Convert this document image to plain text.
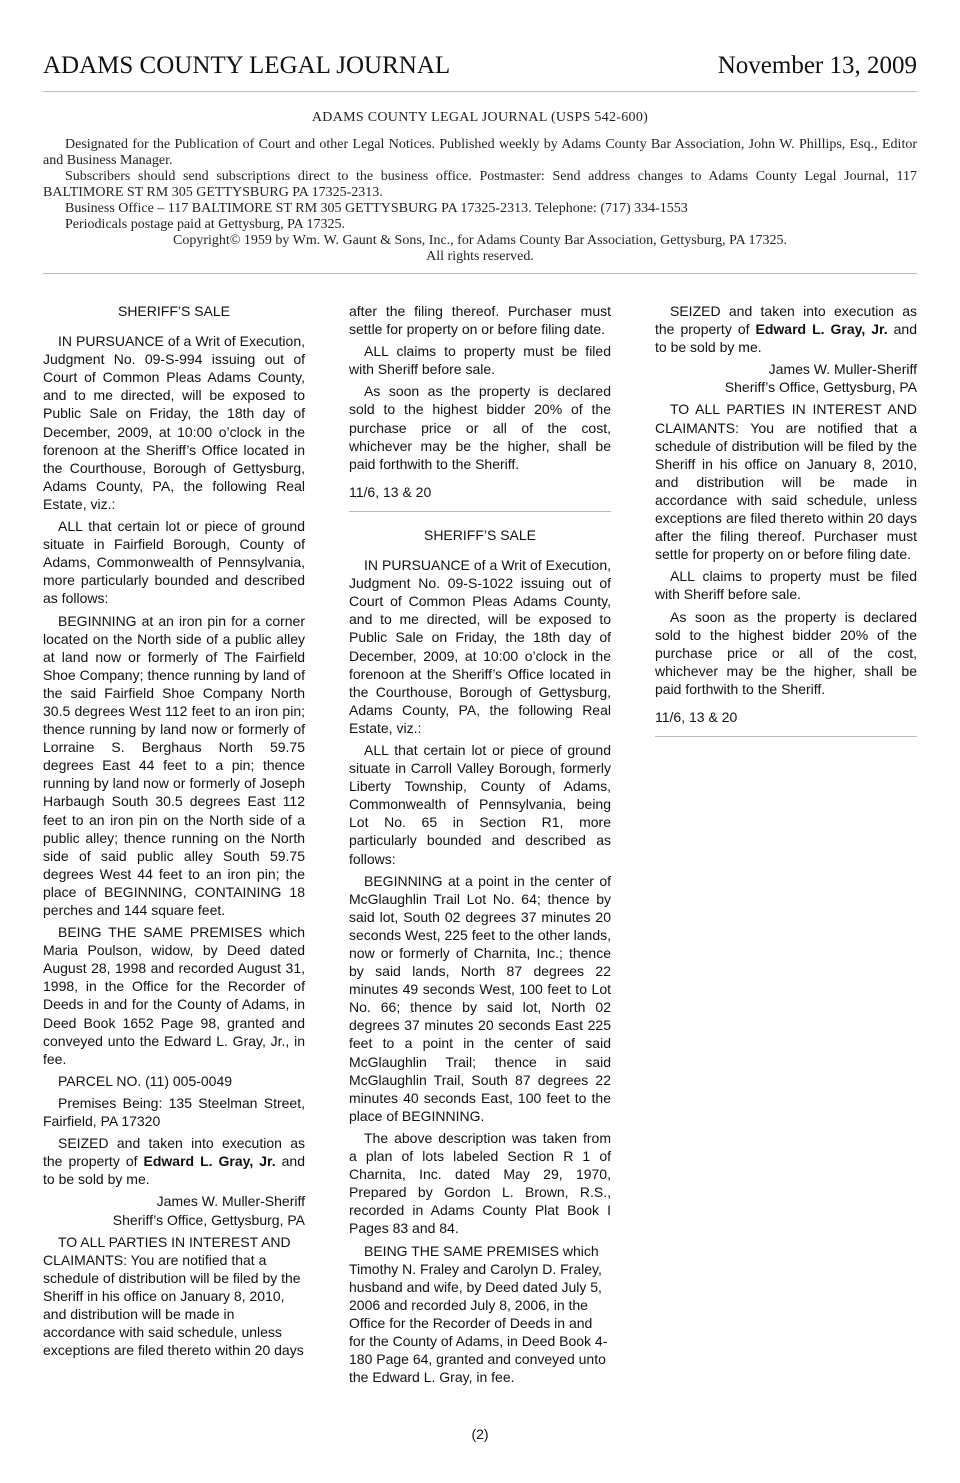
ADAMS COUNTY LEGAL JOURNAL	November 13, 2009
ADAMS COUNTY LEGAL JOURNAL (USPS 542-600)

Designated for the Publication of Court and other Legal Notices. Published weekly by Adams County Bar Association, John W. Phillips, Esq., Editor and Business Manager.

Subscribers should send subscriptions direct to the business office. Postmaster: Send address changes to Adams County Legal Journal, 117 BALTIMORE ST RM 305 GETTYSBURG PA 17325-2313.

Business Office – 117 BALTIMORE ST RM 305 GETTYSBURG PA 17325-2313. Telephone: (717) 334-1553

Periodicals postage paid at Gettysburg, PA 17325.

Copyright© 1959 by Wm. W. Gaunt & Sons, Inc., for Adams County Bar Association, Gettysburg, PA 17325.

All rights reserved.

SHERIFF’S SALE

IN PURSUANCE of a Writ of Execution, Judgment No. 09-S-994 issuing out of Court of Common Pleas Adams County, and to me directed, will be exposed to Public Sale on Friday, the 18th day of December, 2009, at 10:00 o’clock in the forenoon at the Sheriff’s Office located in the Courthouse, Borough of Gettysburg, Adams County, PA, the following Real Estate, viz.:

ALL that certain lot or piece of ground situate in Fairfield Borough, County of Adams, Commonwealth of Pennsylvania, more particularly bounded and described as follows:

BEGINNING at an iron pin for a corner located on the North side of a public alley at land now or formerly of The Fairfield Shoe Company; thence running by land of the said Fairfield Shoe Company North 30.5 degrees West 112 feet to an iron pin; thence running by land now or formerly of Lorraine S. Berghaus North 59.75 degrees East 44 feet to a pin; thence running by land now or formerly of Joseph Harbaugh South 30.5 degrees East 112 feet to an iron pin on the North side of a public alley; thence running on the North side of said public alley South 59.75 degrees West 44 feet to an iron pin; the place of BEGINNING, CONTAINING 18 perches and 144 square feet.

BEING THE SAME PREMISES which Maria Poulson, widow, by Deed dated August 28, 1998 and recorded August 31, 1998, in the Office for the Recorder of Deeds in and for the County of Adams, in Deed Book 1652 Page 98, granted and conveyed unto the Edward L. Gray, Jr., in fee.

PARCEL NO. (11) 005-0049

Premises Being: 135 Steelman Street, Fairfield, PA 17320

SEIZED and taken into execution as the property of Edward L. Gray, Jr. and to be sold by me.

James W. Muller-Sheriff

Sheriff’s Office, Gettysburg, PA

TO ALL PARTIES IN INTEREST AND CLAIMANTS: You are notified that a schedule of distribution will be filed by the Sheriff in his office on January 8, 2010, and distribution will be made in accordance with said schedule, unless exceptions are filed thereto within 20 days

after the filing thereof. Purchaser must settle for property on or before filing date.

ALL claims to property must be filed with Sheriff before sale.

As soon as the property is declared sold to the highest bidder 20% of the purchase price or all of the cost, whichever may be the higher, shall be paid forthwith to the Sheriff.

11/6, 13 & 20

SHERIFF’S SALE

IN PURSUANCE of a Writ of Execution, Judgment No. 09-S-1022 issuing out of Court of Common Pleas Adams County, and to me directed, will be exposed to Public Sale on Friday, the 18th day of December, 2009, at 10:00 o’clock in the forenoon at the Sheriff’s Office located in the Courthouse, Borough of Gettysburg, Adams County, PA, the following Real Estate, viz.:

ALL that certain lot or piece of ground situate in Carroll Valley Borough, formerly Liberty Township, County of Adams, Commonwealth of Pennsylvania, being Lot No. 65 in Section R1, more particularly bounded and described as follows:

BEGINNING at a point in the center of McGlaughlin Trail Lot No. 64; thence by said lot, South 02 degrees 37 minutes 20 seconds West, 225 feet to the other lands, now or formerly of Charnita, Inc.; thence by said lands, North 87 degrees 22 minutes 49 seconds West, 100 feet to Lot No. 66; thence by said lot, North 02 degrees 37 minutes 20 seconds East 225 feet to a point in the center of said McGlaughlin Trail; thence in said McGlaughlin Trail, South 87 degrees 22 minutes 40 seconds East, 100 feet to the place of BEGINNING.

The above description was taken from a plan of lots labeled Section R 1 of Charnita, Inc. dated May 29, 1970, Prepared by Gordon L. Brown, R.S., recorded in Adams County Plat Book I Pages 83 and 84.

BEING THE SAME PREMISES which Timothy N. Fraley and Carolyn D. Fraley, husband and wife, by Deed dated July 5, 2006 and recorded July 8, 2006, in the Office for the Recorder of Deeds in and for the County of Adams, in Deed Book 4-180 Page 64, granted and conveyed unto the Edward L. Gray, in fee.

SEIZED and taken into execution as the property of Edward L. Gray, Jr. and to be sold by me.

James W. Muller-Sheriff

Sheriff’s Office, Gettysburg, PA

TO ALL PARTIES IN INTEREST AND CLAIMANTS: You are notified that a schedule of distribution will be filed by the Sheriff in his office on January 8, 2010, and distribution will be made in accordance with said schedule, unless exceptions are filed thereto within 20 days after the filing thereof. Purchaser must settle for property on or before filing date.

ALL claims to property must be filed with Sheriff before sale.

As soon as the property is declared sold to the highest bidder 20% of the purchase price or all of the cost, whichever may be the higher, shall be paid forthwith to the Sheriff.

11/6, 13 & 20

(2)
